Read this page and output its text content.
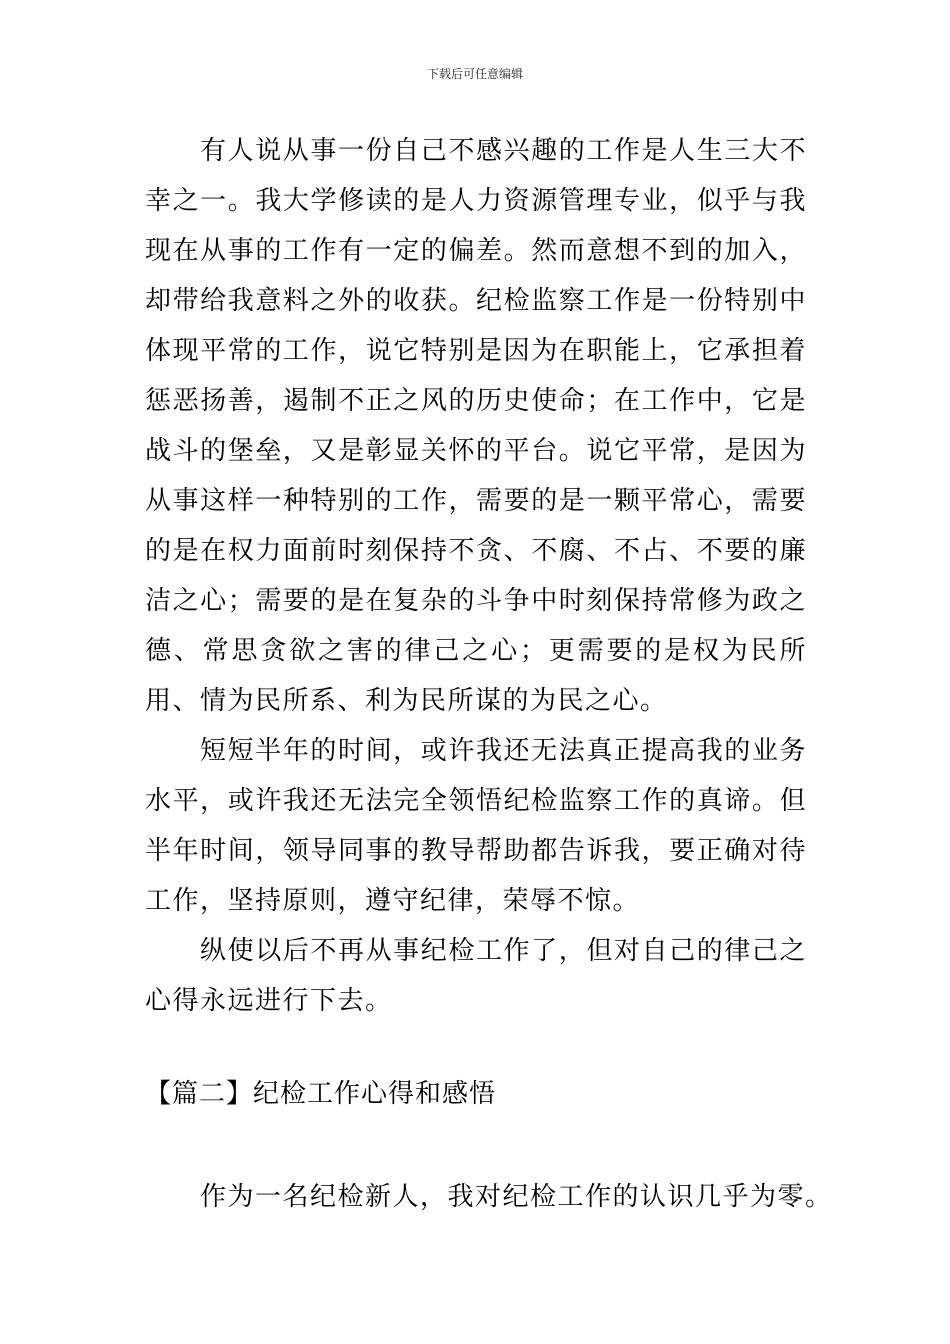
下载后可任意编辑

有人说从事一份自己不感兴趣的工作是人生三大不幸之一。我大学修读的是人力资源管理专业，似乎与我现在从事的工作有一定的偏差。然而意想不到的加入，却带给我意料之外的收获。纪检监察工作是一份特别中体现平常的工作，说它特别是因为在职能上，它承担着惩恶扬善，遏制不正之风的历史使命；在工作中，它是战斗的堡垒，又是彰显关怀的平台。说它平常，是因为从事这样一种特别的工作，需要的是一颗平常心，需要的是在权力面前时刻保持不贪、不腐、不占、不要的廉洁之心；需要的是在复杂的斗争中时刻保持常修为政之德、常思贪欲之害的律己之心；更需要的是权为民所用、情为民所系、利为民所谋的为民之心。

短短半年的时间，或许我还无法真正提高我的业务水平，或许我还无法完全领悟纪检监察工作的真谛。但半年时间，领导同事的教导帮助都告诉我，要正确对待工作，坚持原则，遵守纪律，荣辱不惊。

纵使以后不再从事纪检工作了，但对自己的律己之心得永远进行下去。

【篇二】纪检工作心得和感悟

作为一名纪检新人，我对纪检工作的认识几乎为零。
